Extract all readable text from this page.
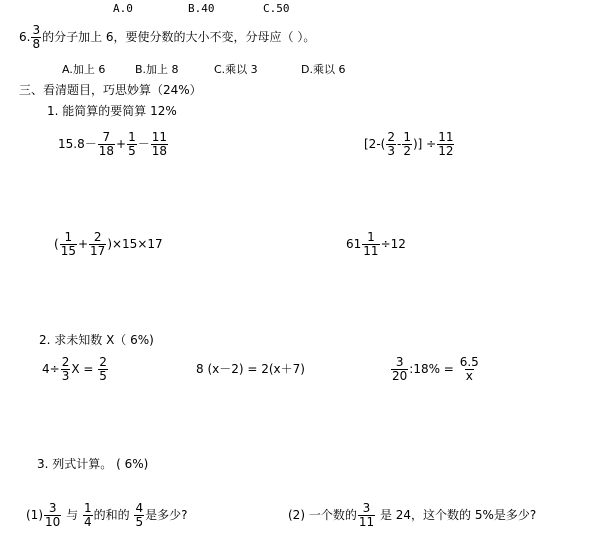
A.0	B.40	C.50
6. $\frac{3}{8}$ 的分子加上 6，要使分数的大小不变，分母应（ ）。
A.加上 6	B.加上 8	C.乘以 3	D.乘以 6
三、看清题目，巧思妙算（24%）
1. 能简算的要简算 12%
$15.8- \frac{7}{18} + \frac{1}{5} - \frac{11}{18}$	[$2-( \frac{2}{3} - \frac{1}{2}$ )] ÷ $\frac{11}{12}$
( $\frac{1}{15} + \frac{2}{17} )\times 15\times 17$	$61 \frac{1}{11} \div 12$
2. 求未知数 X（ 6%)
$4\div \frac{2}{3}$ $X = \frac{2}{5}$	8 (x－2) = 2(x＋7)	$\frac{3}{20}$ :18% = $\frac{6.5}{x}$
3. 列式计算。 ( 6%)
$(1) \frac{3}{10}$ 与 $\frac{1}{4}$ 的和的 $\frac{4}{5}$ 是多少?	(2) 一个数的 $\frac{3}{11}$ 是 24，这个数的 5%是多少?
